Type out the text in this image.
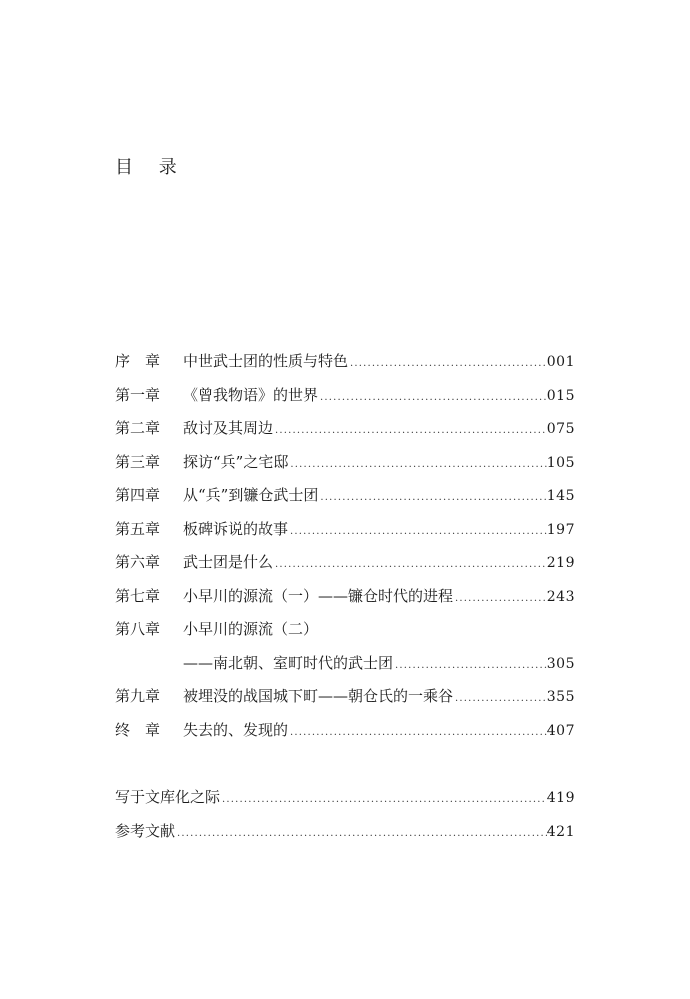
目 录
序　章	中世武士团的性质与特色 .....	001
第一章	《曾我物语》的世界 .....	015
第二章	敌讨及其周边 .....	075
第三章	探访“兵”之宅邸 .....	105
第四章	从“兵”到镰仓武士团 .....	145
第五章	板碑诉说的故事 .....	197
第六章	武士团是什么 .....	219
第七章	小早川的源流（一）——镰仓时代的进程 .....	243
第八章	小早川的源流（二）
——南北朝、室町时代的武士团 .....	305
第九章	被埋没的战国城下町——朝仓氏的一乘谷 .....	355
终　章	失去的、发现的 .....	407
写于文库化之际 .....	419
参考文献 .....	421
